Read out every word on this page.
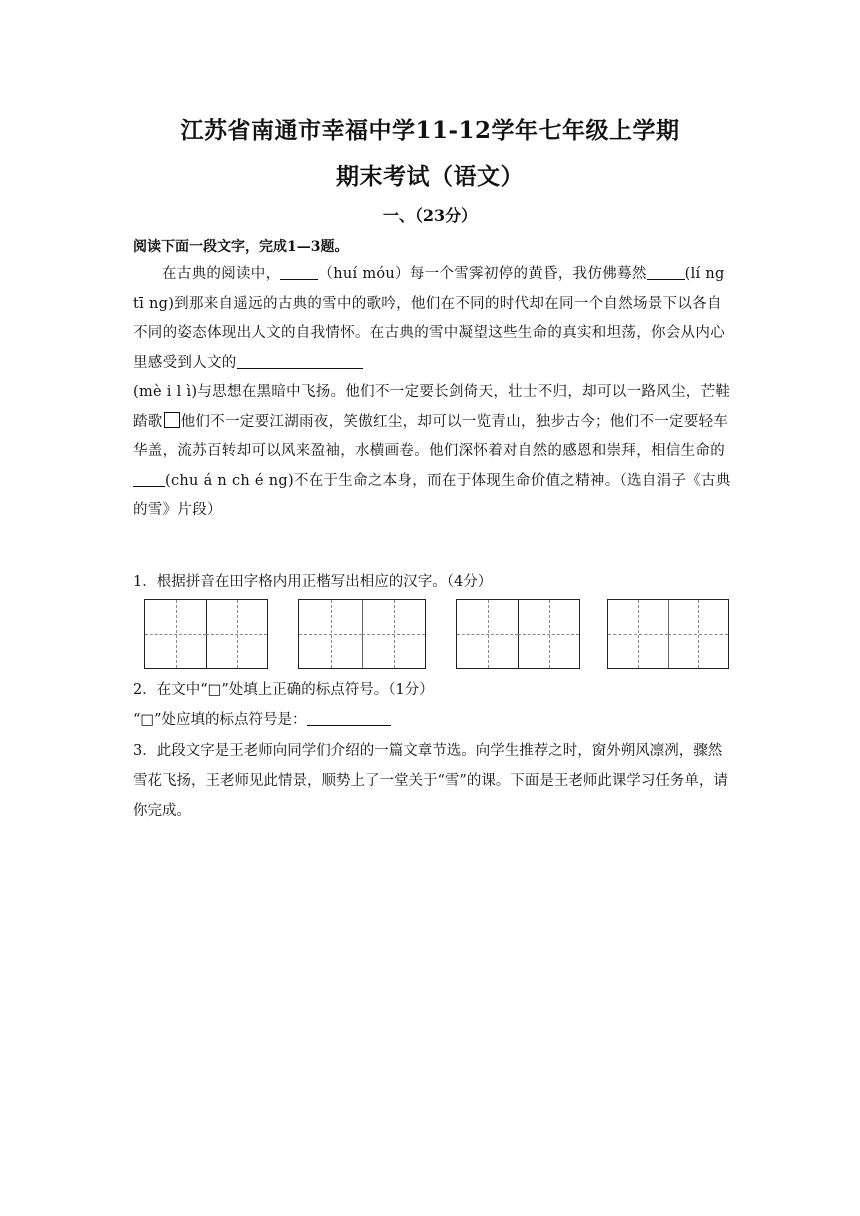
江苏省南通市幸福中学11-12学年七年级上学期
期末考试（语文）
一、（23分）
阅读下面一段文字，完成1—3题。

在古典的阅读中，	（huí móu）每一个雪霁初停的黄昏，我仿佛蓦然	(lí ng tī ng)到那来自遥远的古典的雪中的歌吟，他们在不同的时代却在同一个自然场景下以各自不同的姿态体现出人文的自我情怀。在古典的雪中凝望这些生命的真实和坦荡，你会从内心里感受到人文的

(mè i l ì)与思想在黑暗中飞扬。他们不一定要长剑倚天，壮士不归，却可以一路风尘，芒鞋踏歌 他们不一定要江湖雨夜，笑傲红尘，却可以一览青山，独步古今；他们不一定要轻车华盖，流苏百转却可以风来盈袖，水横画卷。他们深怀着对自然的感恩和崇拜，相信生命的(chu á n ch é ng)不在于生命之本身，而在于体现生命价值之精神。（选自涓子《古典的雪》片段）

1．根据拼音在田字格内用正楷写出相应的汉字。（4分）
2．在文中“□”处填上正确的标点符号。（1分）
“□”处应填的标点符号是：
3．此段文字是王老师向同学们介绍的一篇文章节选。向学生推荐之时，窗外朔风凛冽，骤然雪花飞扬，王老师见此情景，顺势上了一堂关于“雪”的课。下面是王老师此课学习任务单，请你完成。
